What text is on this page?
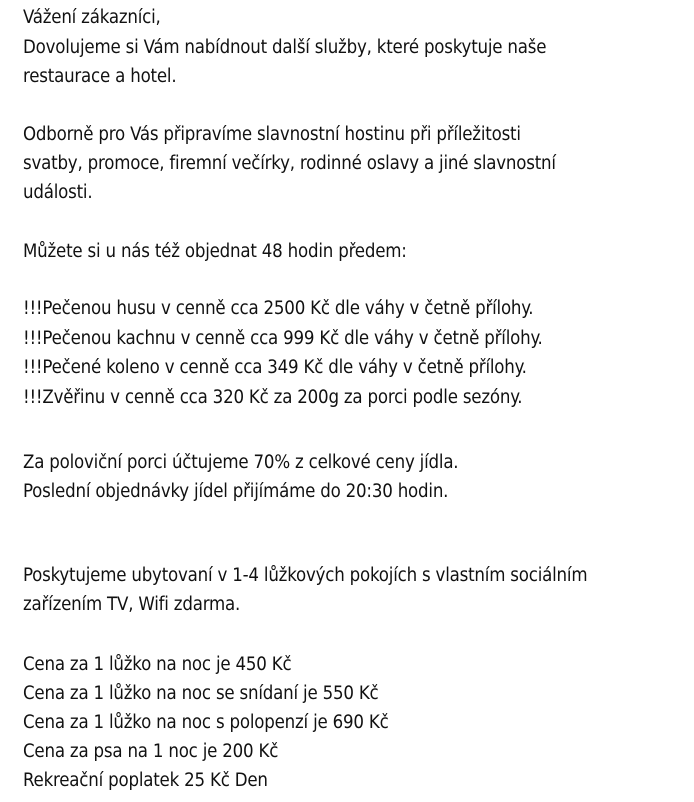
Vážení zákazníci,
Dovolujeme si Vám nabídnout další služby, které poskytuje naše
restaurace a hotel.
Odborně pro Vás připravíme slavnostní hostinu při příležitosti
svatby, promoce, firemní večírky, rodinné oslavy a jiné slavnostní
události.
Můžete si u nás též objednat 48 hodin předem:
!!!Pečenou husu v cenně cca 2500 Kč dle váhy v četně přílohy.
!!!Pečenou kachnu v cenně cca 999 Kč dle váhy v četně přílohy.
!!!Pečené koleno v cenně cca 349 Kč dle váhy v četně přílohy.
!!!Zvěřinu v cenně cca 320 Kč za 200g za porci podle sezóny.
Za poloviční porci účtujeme 70% z celkové ceny jídla.
Poslední objednávky jídel přijímáme do 20:30 hodin.
Poskytujeme ubytovaní v 1-4 lůžkových pokojích s vlastním sociálním
zařízením TV, Wifi zdarma.
Cena za 1 lůžko na noc je 450 Kč
Cena za 1 lůžko na noc se snídaní je 550 Kč
Cena za 1 lůžko na noc s polopenzí je 690 Kč
Cena za psa na 1 noc je 200 Kč
Rekreační poplatek 25 Kč Den
